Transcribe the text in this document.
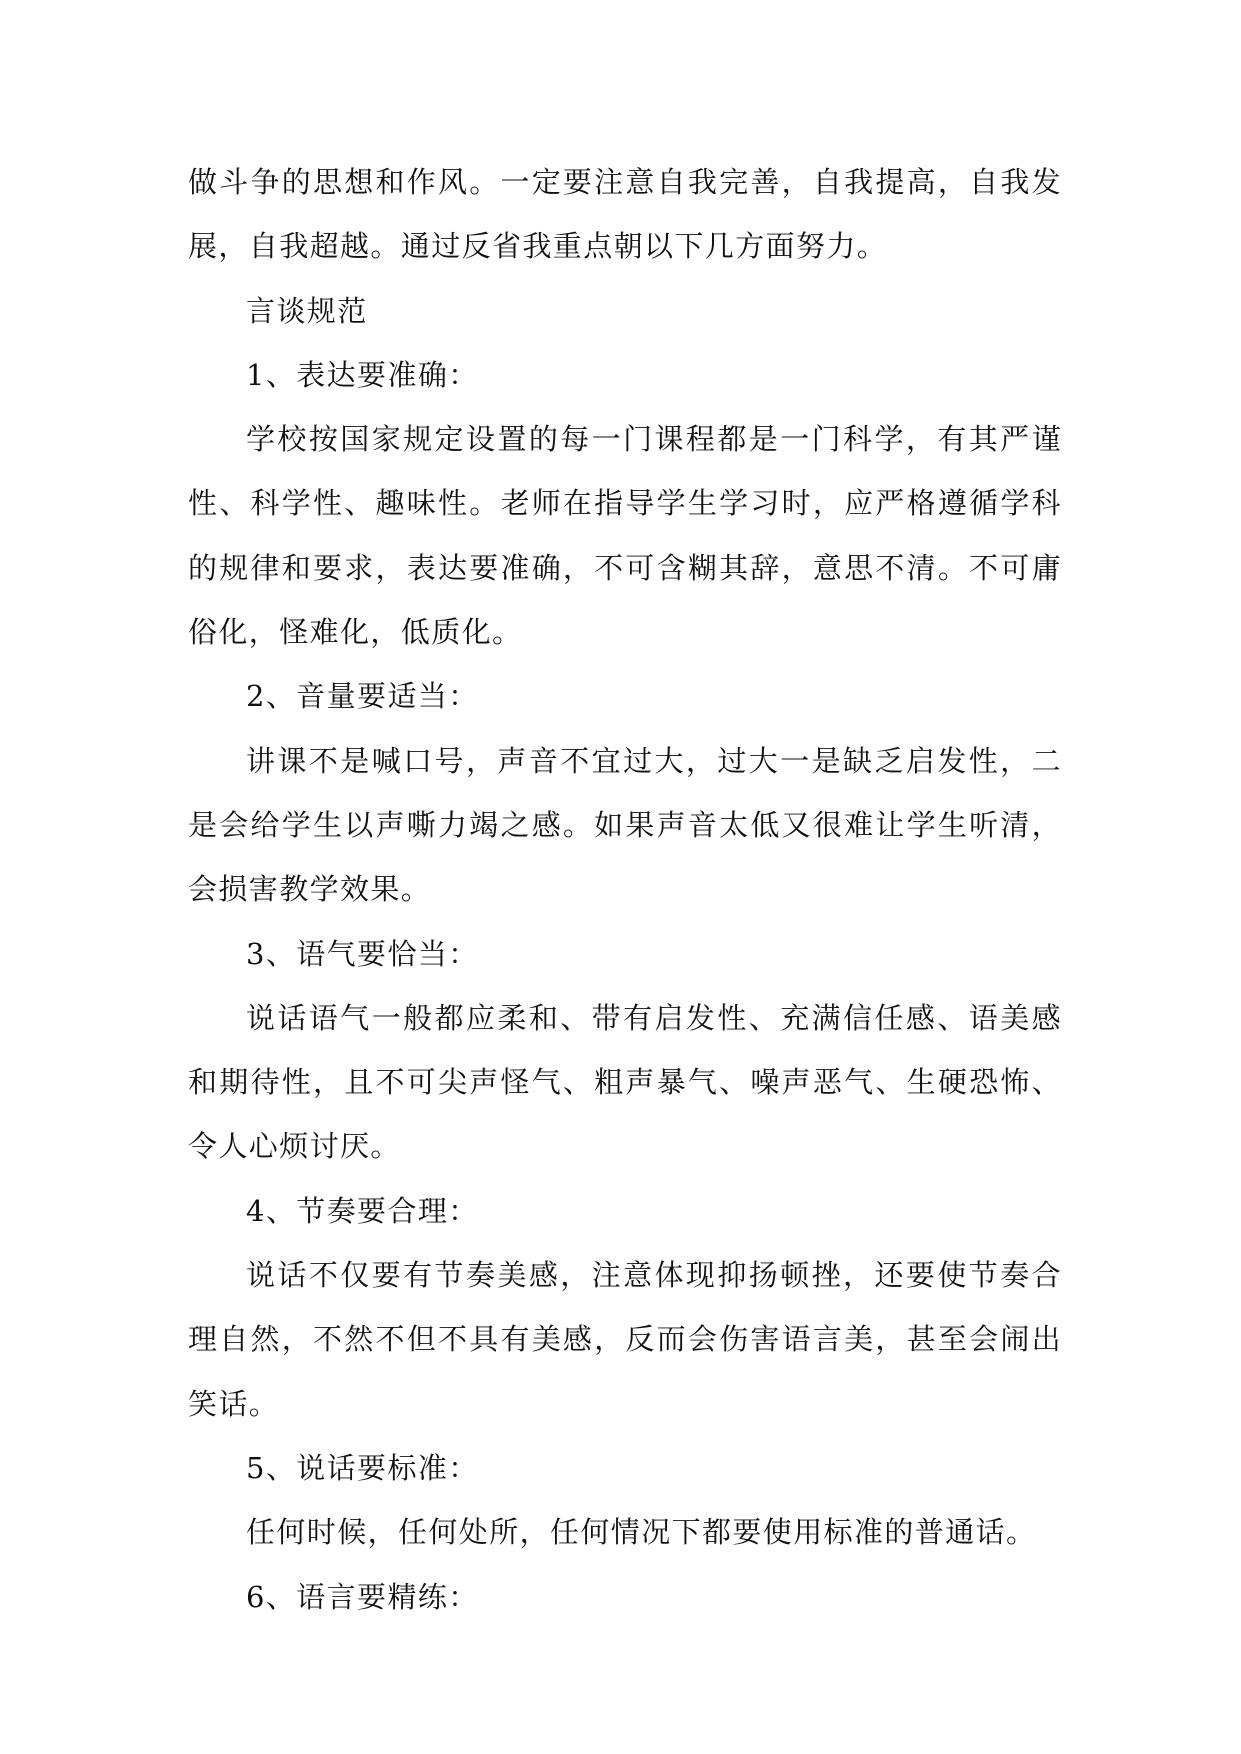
做斗争的思想和作风。一定要注意自我完善，自我提高，自我发展，自我超越。通过反省我重点朝以下几方面努力。

言谈规范

1、表达要准确：

学校按国家规定设置的每一门课程都是一门科学，有其严谨性、科学性、趣味性。老师在指导学生学习时，应严格遵循学科的规律和要求，表达要准确，不可含糊其辞，意思不清。不可庸俗化，怪难化，低质化。

2、音量要适当：

讲课不是喊口号，声音不宜过大，过大一是缺乏启发性，二是会给学生以声嘶力竭之感。如果声音太低又很难让学生听清，会损害教学效果。

3、语气要恰当：

说话语气一般都应柔和、带有启发性、充满信任感、语美感和期待性，且不可尖声怪气、粗声暴气、噪声恶气、生硬恐怖、令人心烦讨厌。

4、节奏要合理：

说话不仅要有节奏美感，注意体现抑扬顿挫，还要使节奏合理自然，不然不但不具有美感，反而会伤害语言美，甚至会闹出笑话。

5、说话要标准：

任何时候，任何处所，任何情况下都要使用标准的普通话。

6、语言要精练：
